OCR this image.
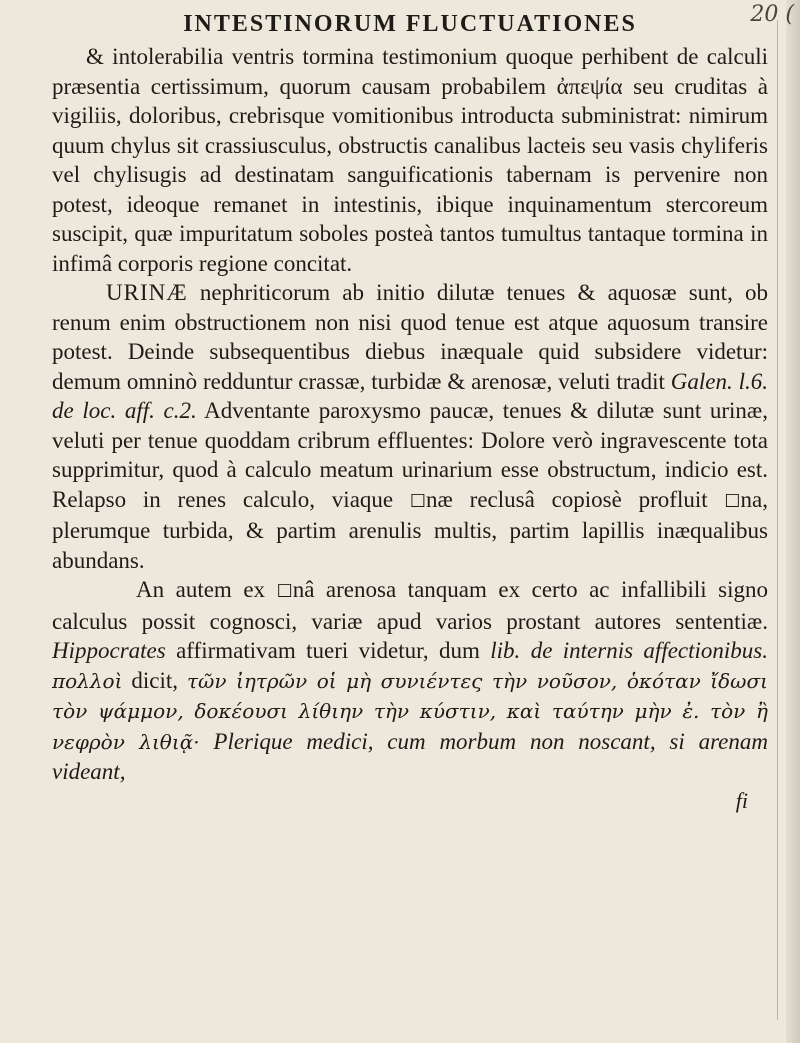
20 (
INTESTINORUM FLUCTUATIONES

& intolerabilia ventris tormina testimonium quoque perhibent de calculi præsentia certissimum, quorum causam probabilem ἀπεψία seu cruditas à vigiliis, doloribus, crebrisque vomitionibus introducta subministrat: nimirum quum chylus sit crassiusculus, obstructis canalibus lacteis seu vasis chyliferis vel chylisugis ad destinatam sanguificationis tabernam is pervenire non potest, ideoque remanet in intestinis, ibique inquinamentum stercoreum suscipit, quæ impuritatum soboles posteà tantos tumultus tantaque tormina in infimâ corporis regione concitat.

URINÆ nephriticorum ab initio dilutæ tenues & aquosæ sunt, ob renum enim obstructionem non nisi quod tenue est atque aquosum transire potest. Deinde subsequentibus diebus inæquale quid subsidere videtur: demum omninò redduntur crassæ, turbidæ & arenosæ, veluti tradit Galen. l.6. de loc. aff. c.2. Adventante paroxysmo paucæ, tenues & dilutæ sunt urinæ, veluti per tenue quoddam cribrum effluentes: Dolore verò ingravescente tota supprimitur, quod à calculo meatum urinarium esse obstructum, indicio est. Relapso in renes calculo, viaque ☐næ reclusâ copiosè profluit ☐na, plerumque turbida, & partim arenulis multis, partim lapillis inæqualibus abundans.

An autem ex ☐nâ arenosa tanquam ex certo ac infallibili signo calculus possit cognosci, variæ apud varios prostant autores sententiæ. Hippocrates affirmativam tueri videtur, dum lib. de internis affectionibus. πολλοὶ dicit, τῶν ἰητρῶν οἱ μὴ συνιέντες τὴν νοῦσον, ὁκόταν ἴδωσι τὸν ψάμμον, δοκέουσι λίθιην τὴν κύστιν, καὶ ταύτην μὴν ἐ. τὸν ἢ νεφρὸν λιθιᾷ· Plerique medici, cum morbum non noscant, si arenam videant,

fi
